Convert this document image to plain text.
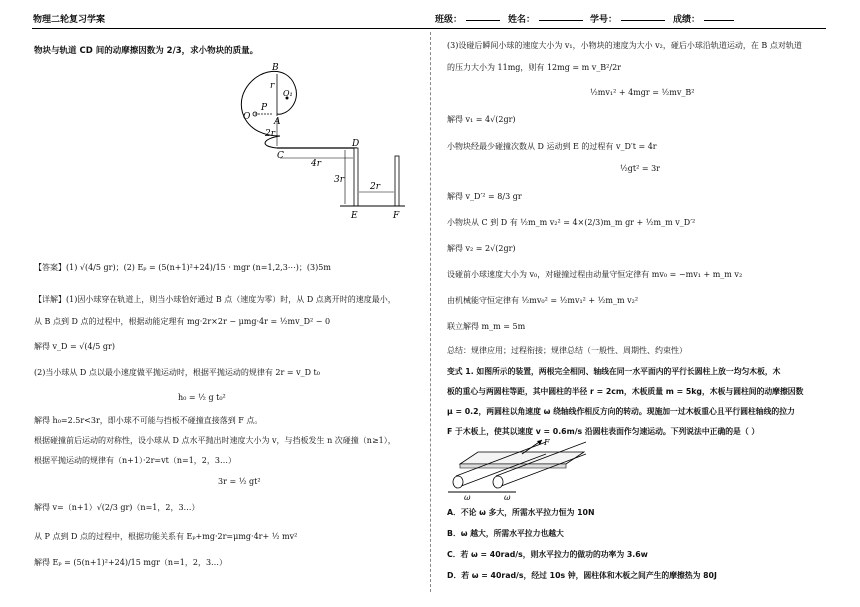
物理二轮复习学案	班级：	姓名：	学号：	成绩：
物块与轨道 CD 间的动摩擦因数为 2/3，求小物块的质量。
B
r
O₁
P
O	A
2r
C
4r
D
3r
2r
E	F
【答案】(1) √(4/5 gr)；(2) Eₚ = (5(n+1)²+24)/15 · mgr (n=1,2,3⋯)；(3)5m
【详解】(1)因小球穿在轨道上，则当小球恰好通过 B 点（速度为零）时，从 D 点离开时的速度最小，
从 B 点到 D 点的过程中，根据动能定理有 mg·2r×2r − μmg·4r = ½mv_D² − 0
解得 v_D = √(4/5 gr)
(2)当小球从 D 点以最小速度做平抛运动时，根据平抛运动的规律有 2r = v_D t₀
h₀ = ½ g t₀²
解得 h₀=2.5r<3r，即小球不可能与挡板不碰撞直接落到 F 点。
根据碰撞前后运动的对称性，设小球从 D 点水平抛出时速度大小为 v，与挡板发生 n 次碰撞（n≥1），
根据平抛运动的规律有（n+1）·2r=vt（n=1，2，3…）
3r = ½ gt²
解得 v=（n+1）√(2/3 gr)（n=1，2，3…）
从 P 点到 D 点的过程中，根据功能关系有 Eₚ+mg·2r=μmg·4r+ ½ mv²
解得 Eₚ = (5(n+1)²+24)/15 mgr（n=1，2，3…）
(3)设碰后瞬间小球的速度大小为 v₁，小物块的速度为大小 v₂，碰后小球沿轨道运动，在 B 点对轨道
的压力大小为 11mg，则有 12mg = m v_B²/2r
½mv₁² + 4mgr = ½mv_B²
解得 v₁ = 4√(2gr)
小物块经最少碰撞次数从 D 运动到 E 的过程有 v_D′t = 4r
½gt² = 3r
解得 v_D′² = 8/3 gr
小物块从 C 到 D 有 ½m_m v₂² = 4×(2/3)m_m gr + ½m_m v_D′²
解得 v₂ = 2√(2gr)
设碰前小球速度大小为 v₀，对碰撞过程由动量守恒定律有 mv₀ = −mv₁ + m_m v₂
由机械能守恒定律有 ½mv₀² = ½mv₁² + ½m_m v₂²
联立解得 m_m = 5m
总结：规律应用；过程衔接；规律总结（一般性、周期性、约束性）
变式 1. 如图所示的装置，两根完全相同、轴线在同一水平面内的平行长圆柱上放一均匀木板，木
板的重心与两圆柱等距，其中圆柱的半径 r = 2cm，木板质量 m = 5kg，木板与圆柱间的动摩擦因数
μ = 0.2，两圆柱以角速度 ω 绕轴线作相反方向的转动。现施加一过木板重心且平行圆柱轴线的拉力
F 于木板上，使其以速度 v = 0.6m/s 沿圆柱表面作匀速运动。下列说法中正确的是（ ）
F
ω	ω
A．不论 ω 多大，所需水平拉力恒为 10N
B．ω 越大，所需水平拉力也越大
C．若 ω = 40rad/s，则水平拉力的做功的功率为 3.6w
D．若 ω = 40rad/s，经过 10s 钟，圆柱体和木板之间产生的摩擦热为 80J
